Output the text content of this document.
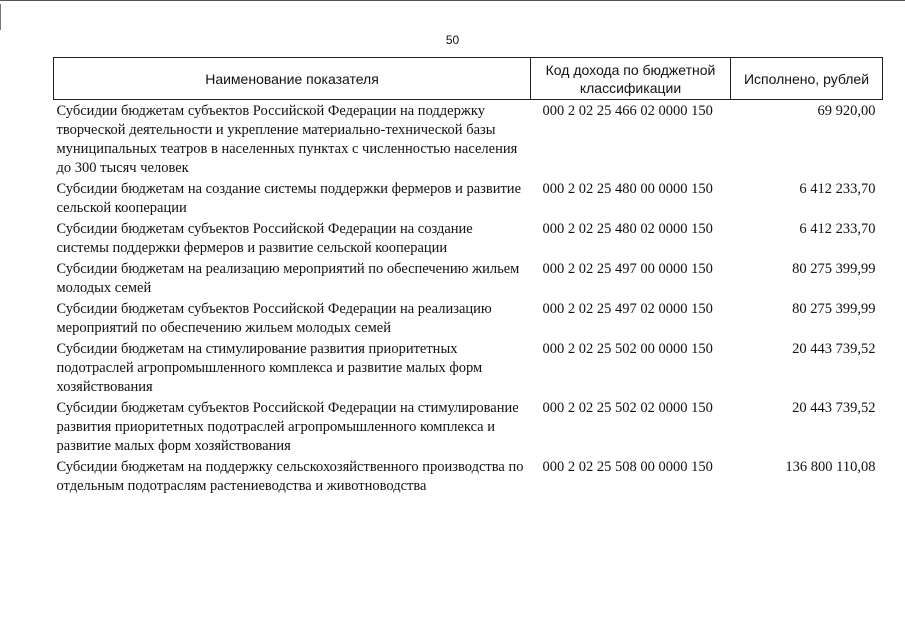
50
Наименование показателя	Код дохода по бюджетной классификации	Исполнено, рублей
Субсидии бюджетам субъектов Российской Федерации на поддержку творческой деятельности и укрепление материально-технической базы муниципальных театров в населенных пунктах с численностью населения до 300 тысяч человек	000 2 02 25 466 02 0000 150	69 920,00
Субсидии бюджетам на создание системы поддержки фермеров и развитие сельской кооперации	000 2 02 25 480 00 0000 150	6 412 233,70
Субсидии бюджетам субъектов Российской Федерации на создание системы поддержки фермеров и развитие сельской кооперации	000 2 02 25 480 02 0000 150	6 412 233,70
Субсидии бюджетам на реализацию мероприятий по обеспечению жильем молодых семей	000 2 02 25 497 00 0000 150	80 275 399,99
Субсидии бюджетам субъектов Российской Федерации на реализацию мероприятий по обеспечению жильем молодых семей	000 2 02 25 497 02 0000 150	80 275 399,99
Субсидии бюджетам на стимулирование развития приоритетных подотраслей агропромышленного комплекса и развитие малых форм хозяйствования	000 2 02 25 502 00 0000 150	20 443 739,52
Субсидии бюджетам субъектов Российской Федерации на стимулирование развития приоритетных подотраслей агропромышленного комплекса и развитие малых форм хозяйствования	000 2 02 25 502 02 0000 150	20 443 739,52
Субсидии бюджетам на поддержку сельскохозяйственного производства по отдельным подотраслям растениеводства и животноводства	000 2 02 25 508 00 0000 150	136 800 110,08
